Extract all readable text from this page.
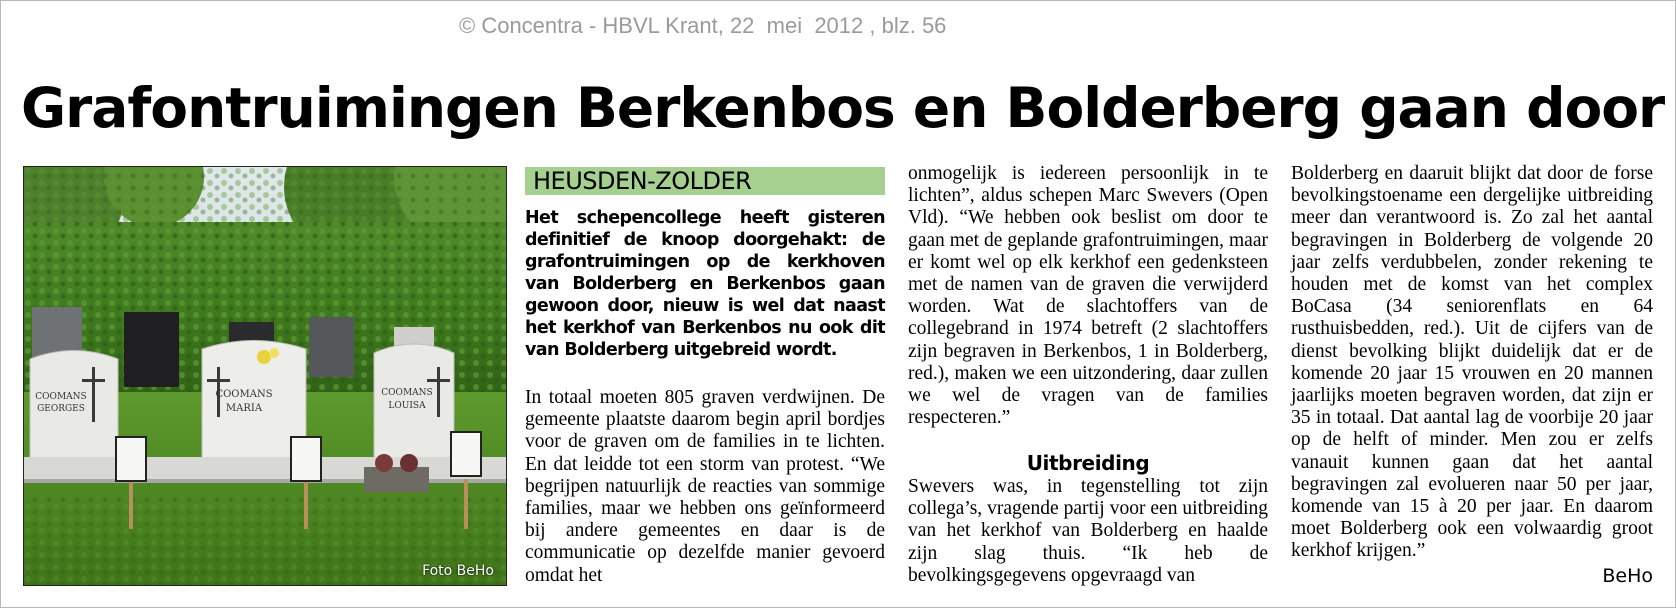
© Concentra - HBVL Krant, 22  mei  2012 , blz. 56
Grafontruimingen Berkenbos en Bolderberg gaan door
COOMANS
GEORGES
COOMANS
MARIA
COOMANS
LOUISA
Foto BeHo
HEUSDEN-ZOLDER

Het schepencollege heeft gisteren definitief de knoop doorgehakt: de grafontruimingen op de kerkhoven van Bolderberg en Berkenbos gaan gewoon door, nieuw is wel dat naast het kerkhof van Berkenbos nu ook dit van Bolderberg uitgebreid wordt.

In totaal moeten 805 graven verdwijnen. De gemeente plaatste daarom begin april bordjes voor de graven om de families in te lichten. En dat leidde tot een storm van protest. “We begrijpen natuurlijk de reacties van sommige families, maar we hebben ons geïnformeerd bij andere gemeentes en daar is de communicatie op dezelfde manier gevoerd omdat het

onmogelijk is iedereen persoonlijk in te lichten”, aldus schepen Marc Swevers (Open Vld). “We hebben ook beslist om door te gaan met de geplande grafontruimingen, maar er komt wel op elk kerkhof een gedenksteen met de namen van de graven die verwijderd worden. Wat de slachtoffers van de collegebrand in 1974 betreft (2 slachtoffers zijn begraven in Berkenbos, 1 in Bolderberg, red.), maken we een uitzondering, daar zullen we wel de vragen van de families respecteren.”

Uitbreiding

Swevers was, in tegenstelling tot zijn collega’s, vragende partij voor een uitbreiding van het kerkhof van Bolderberg en haalde zijn slag thuis. “Ik heb de bevolkingsgegevens opgevraagd van

Bolderberg en daaruit blijkt dat door de forse bevolkingstoename een dergelijke uitbreiding meer dan verantwoord is. Zo zal het aantal begravingen in Bolderberg de volgende 20 jaar zelfs verdubbelen, zonder rekening te houden met de komst van het complex BoCasa (34 seniorenflats en 64 rusthuisbedden, red.). Uit de cijfers van de dienst bevolking blijkt duidelijk dat er de komende 20 jaar 15 vrouwen en 20 mannen jaarlijks moeten begraven worden, dat zijn er 35 in totaal. Dat aantal lag de voorbije 20 jaar op de helft of minder. Men zou er zelfs vanauit kunnen gaan dat het aantal begravingen zal evolueren naar 50 per jaar, komende van 15 à 20 per jaar. En daarom moet Bolderberg ook een volwaardig groot kerkhof krijgen.”

BeHo
